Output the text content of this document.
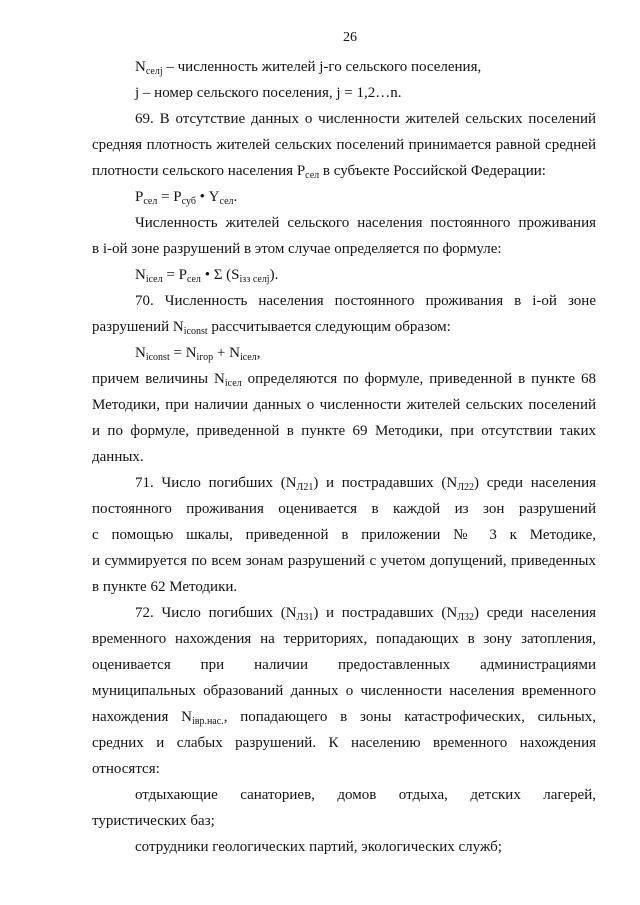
26
$N_{селj}$ – численность жителей j-го сельского поселения,
j – номер сельского поселения, j = 1,2…n.
69. В отсутствие данных о численности жителей сельских поселений
средняя плотность жителей сельских поселений принимается равной средней
плотности сельского населения $P_{сел}$ в субъекте Российской Федерации:
$P_{сел} = P_{суб}$ • $Y_{сел}$.
Численность жителей сельского населения постоянного проживания
в i-ой зоне разрушений в этом случае определяется по формуле:
$N_{iсел} = P_{сел}$ • Σ $(S_{iзз селj})$.
70. Численность населения постоянного проживания в i-ой зоне
разрушений $N_{iconst}$ рассчитывается следующим образом:
$N_{iconst} = N_{iгор} + N_{iсел}$,
причем величины $N_{iсел}$ определяются по формуле, приведенной в пункте 68
Методики, при наличии данных о численности жителей сельских поселений
и по формуле, приведенной в пункте 69 Методики, при отсутствии таких
данных.
71. Число погибших $(N_{Л21})$ и пострадавших $(N_{Л22})$ среди населения
постоянного проживания оценивается в каждой из зон разрушений
с помощью шкалы, приведенной в приложении № 3 к Методике,
и суммируется по всем зонам разрушений с учетом допущений, приведенных
в пункте 62 Методики.
72. Число погибших $(N_{Л31})$ и пострадавших $(N_{Л32})$ среди населения
временного нахождения на территориях, попадающих в зону затопления,
оценивается при наличии предоставленных администрациями
муниципальных образований данных о численности населения временного
нахождения $N_{iвр.нас.}$, попадающего в зоны катастрофических, сильных,
средних и слабых разрушений. К населению временного нахождения
относятся:
отдыхающие санаториев, домов отдыха, детских лагерей,
туристических баз;
сотрудники геологических партий, экологических служб;
